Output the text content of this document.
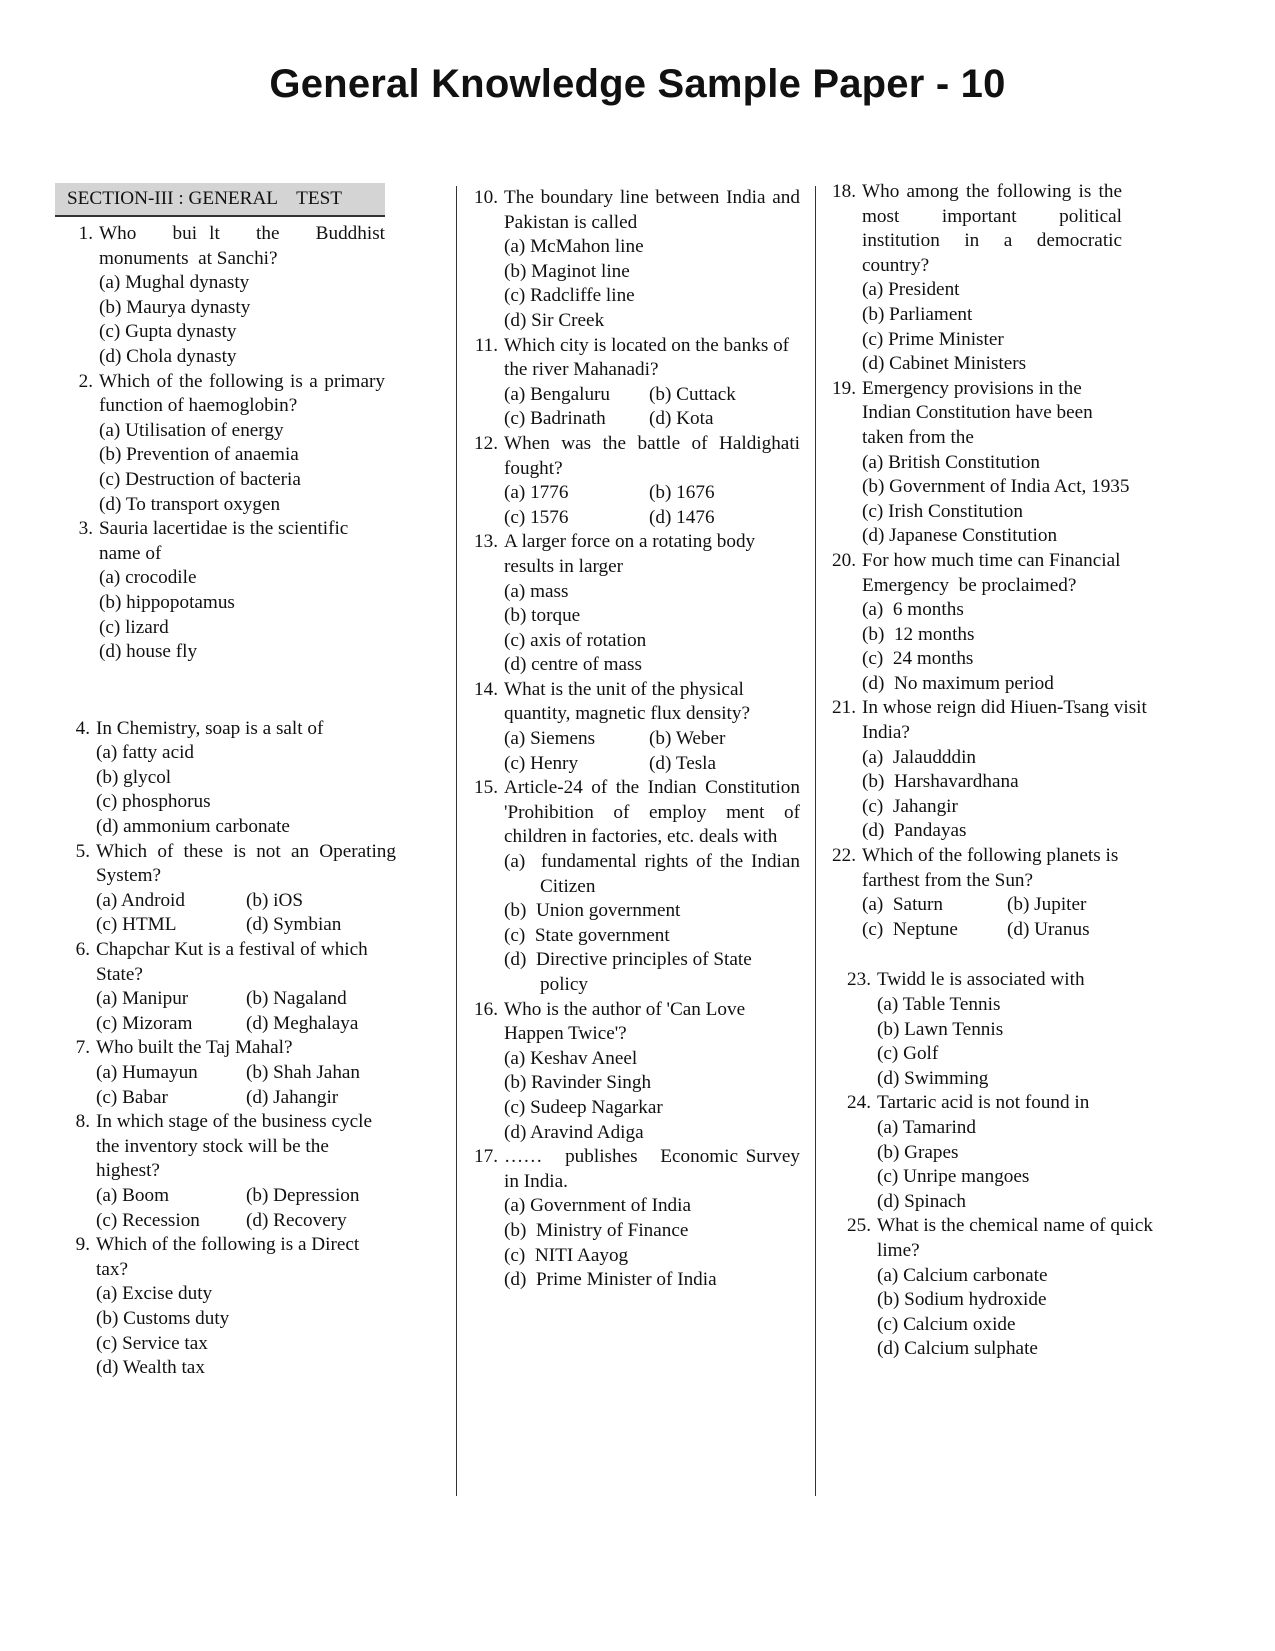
General Knowledge Sample Paper - 10
SECTION-III : GENERAL    TEST
1. Who   bui lt   the   Buddhist monuments  at Sanchi?
(a) Mughal dynasty
(b) Maurya dynasty
(c) Gupta dynasty
(d) Chola dynasty
2. Which of the following is a primary function of haemoglobin?
(a) Utilisation of energy
(b) Prevention of anaemia
(c) Destruction of bacteria
(d) To transport oxygen
3. Sauria lacertidae is the scientific name of
(a) crocodile
(b) hippopotamus
(c) lizard
(d) house fly
4. In Chemistry, soap is a salt of
(a) fatty acid
(b) glycol
(c) phosphorus
(d) ammonium carbonate
5. Which of these is not an Operating System?
(a) Android	(b) iOS
(c) HTML	(d) Symbian
6. Chapchar Kut is a festival of which State?
(a) Manipur	(b) Nagaland
(c) Mizoram	(d) Meghalaya
7. Who built the Taj Mahal?
(a) Humayun	(b) Shah Jahan
(c) Babar	(d) Jahangir
8. In which stage of the business cycle the inventory stock will be the highest?
(a) Boom	(b) Depression
(c) Recession	(d) Recovery
9. Which of the following is a Direct tax?
(a) Excise duty
(b) Customs duty
(c) Service tax
(d) Wealth tax
10. The boundary line between India and Pakistan is called
(a) McMahon line
(b) Maginot line
(c) Radcliffe line
(d) Sir Creek
11. Which city is located on the banks of the river Mahanadi?
(a) Bengaluru	(b) Cuttack
(c) Badrinath	(d) Kota
12. When was the battle of Haldighati fought?
(a) 1776	(b) 1676
(c) 1576	(d) 1476
13. A larger force on a rotating body results in larger
(a) mass
(b) torque
(c) axis of rotation
(d) centre of mass
14. What is the unit of the physical quantity, magnetic flux density?
(a) Siemens	(b) Weber
(c) Henry	(d) Tesla
15. Article-24 of the Indian Constitution 'Prohibition of employ ment of children in factories, etc. deals with
(a)  fundamental rights of the Indian Citizen
(b)  Union government
(c)  State government
(d)  Directive principles of State policy
16. Who is the author of 'Can Love Happen Twice'?
(a) Keshav Aneel
(b) Ravinder Singh
(c) Sudeep Nagarkar
(d) Aravind Adiga
17. ……   publishes   Economic Survey in India.
(a) Government of India
(b)  Ministry of Finance
(c)  NITI Aayog
(d)  Prime Minister of India
18. Who among the following is the most important political institution in a democratic country?
(a) President
(b) Parliament
(c) Prime Minister
(d) Cabinet Ministers
19. Emergency provisions in the Indian Constitution have been taken from the
(a) British Constitution
(b) Government of India Act, 1935
(c) Irish Constitution
(d) Japanese Constitution
20. For how much time can Financial Emergency  be proclaimed?
(a)  6 months
(b)  12 months
(c)  24 months
(d)  No maximum period
21. In whose reign did Hiuen-Tsang visit India?
(a)  Jalaudddin
(b)  Harshavardhana
(c)  Jahangir
(d)  Pandayas
22. Which of the following planets is farthest from the Sun?
(a)  Saturn	(b) Jupiter
(c)  Neptune	(d) Uranus
23. Twidd le is associated with
(a) Table Tennis
(b) Lawn Tennis
(c) Golf
(d) Swimming
24. Tartaric acid is not found in
(a) Tamarind
(b) Grapes
(c) Unripe mangoes
(d) Spinach
25. What is the chemical name of quick lime?
(a) Calcium carbonate
(b) Sodium hydroxide
(c) Calcium oxide
(d) Calcium sulphate
